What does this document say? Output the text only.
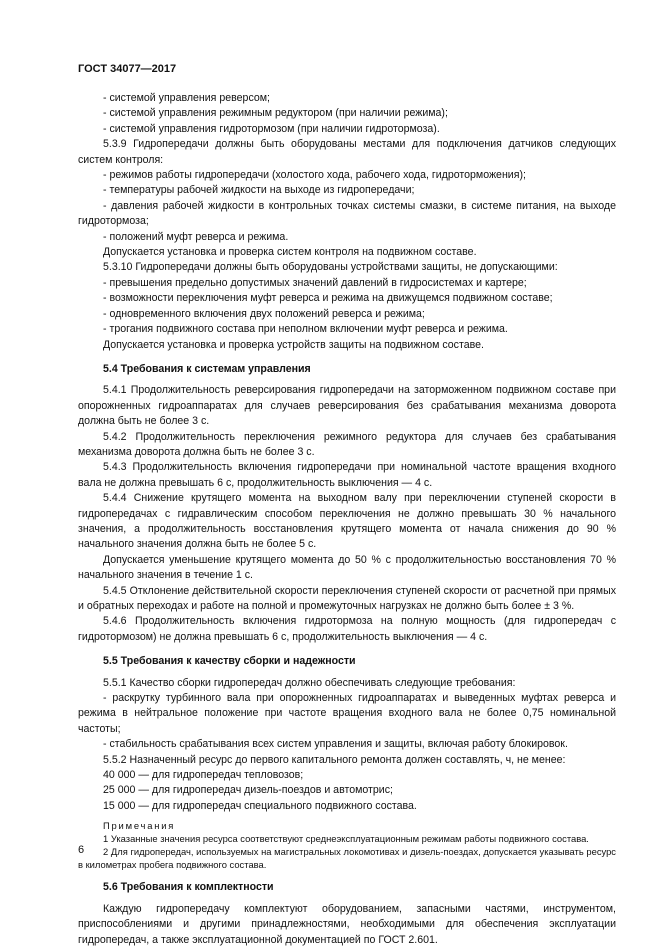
ГОСТ 34077—2017

- системой управления реверсом;

- системой управления режимным редуктором (при наличии режима);

- системой управления гидротормозом (при наличии гидротормоза).

5.3.9 Гидропередачи должны быть оборудованы местами для подключения датчиков следующих систем контроля:

- режимов работы гидропередачи (холостого хода, рабочего хода, гидроторможения);

- температуры рабочей жидкости на выходе из гидропередачи;

- давления рабочей жидкости в контрольных точках системы смазки, в системе питания, на выходе гидротормоза;

- положений муфт реверса и режима.

Допускается установка и проверка систем контроля на подвижном составе.

5.3.10 Гидропередачи должны быть оборудованы устройствами защиты, не допускающими:

- превышения предельно допустимых значений давлений в гидросистемах и картере;

- возможности переключения муфт реверса и режима на движущемся подвижном составе;

- одновременного включения двух положений реверса и режима;

- трогания подвижного состава при неполном включении муфт реверса и режима.

Допускается установка и проверка устройств защиты на подвижном составе.

5.4 Требования к системам управления

5.4.1 Продолжительность реверсирования гидропередачи на заторможенном подвижном составе при опорожненных гидроаппаратах для случаев реверсирования без срабатывания механизма доворота должна быть не более 3 с.

5.4.2 Продолжительность переключения режимного редуктора для случаев без срабатывания механизма доворота должна быть не более 3 с.

5.4.3 Продолжительность включения гидропередачи при номинальной частоте вращения входного вала не должна превышать 6 с, продолжительность выключения — 4 с.

5.4.4 Снижение крутящего момента на выходном валу при переключении ступеней скорости в гидропередачах с гидравлическим способом переключения не должно превышать 30 % начального значения, а продолжительность восстановления крутящего момента от начала снижения до 90 % начального значения должна быть не более 5 с.

Допускается уменьшение крутящего момента до 50 % с продолжительностью восстановления 70 % начального значения в течение 1 с.

5.4.5 Отклонение действительной скорости переключения ступеней скорости от расчетной при прямых и обратных переходах и работе на полной и промежуточных нагрузках не должно быть более ± 3 %.

5.4.6 Продолжительность включения гидротормоза на полную мощность (для гидропередач с гидротормозом) не должна превышать 6 с, продолжительность выключения — 4 с.

5.5 Требования к качеству сборки и надежности

5.5.1 Качество сборки гидропередач должно обеспечивать следующие требования:

- раскрутку турбинного вала при опорожненных гидроаппаратах и выведенных муфтах реверса и режима в нейтральное положение при частоте вращения входного вала не более 0,75 номинальной частоты;

- стабильность срабатывания всех систем управления и защиты, включая работу блокировок.

5.5.2 Назначенный ресурс до первого капитального ремонта должен составлять, ч, не менее:

40 000 — для гидропередач тепловозов;

25 000 — для гидропередач дизель-поездов и автомотрис;

15 000 — для гидропередач специального подвижного состава.

Примечания

1 Указанные значения ресурса соответствуют среднеэксплуатационным режимам работы подвижного состава.

2 Для гидропередач, используемых на магистральных локомотивах и дизель-поездах, допускается указывать ресурс в километрах пробега подвижного состава.

5.6 Требования к комплектности

Каждую гидропередачу комплектуют оборудованием, запасными частями, инструментом, приспособлениями и другими принадлежностями, необходимыми для обеспечения эксплуатации гидропередач, а также эксплуатационной документацией по ГОСТ 2.601.

6
